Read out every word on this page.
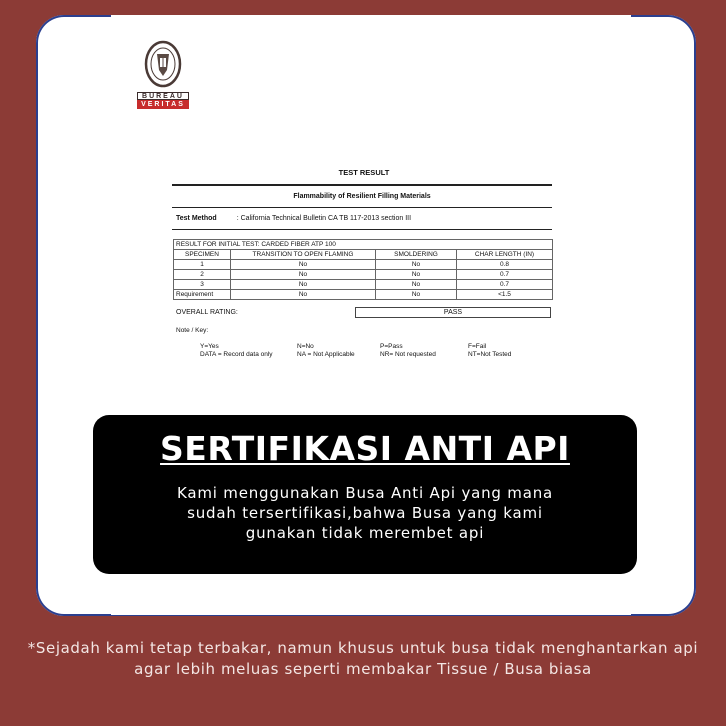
BUREAU
VERITAS
TEST RESULT
Flammability of Resilient Filling Materials
Test Method	: California Technical Bulletin CA TB 117-2013 section III
RESULT FOR INITIAL TEST: CARDED FIBER ATP 100			
SPECIMEN	TRANSITION TO OPEN FLAMING	SMOLDERING	CHAR LENGTH (IN)
1	No	No	0.8
2	No	No	0.7
3	No	No	0.7
Requirement	No	No	<1.5
OVERALL RATING:	PASS
Note / Key:
Y=Yes	N=No	P=Pass	F=Fail
DATA = Record data only	NA = Not Applicable	NR= Not requested	NT=Not Tested
SERTIFIKASI ANTI API

Kami menggunakan Busa Anti Api yang mana sudah tersertifikasi,bahwa Busa yang kami gunakan tidak merembet api

*Sejadah kami tetap terbakar, namun khusus untuk busa tidak menghantarkan api agar lebih meluas seperti membakar Tissue / Busa biasa
